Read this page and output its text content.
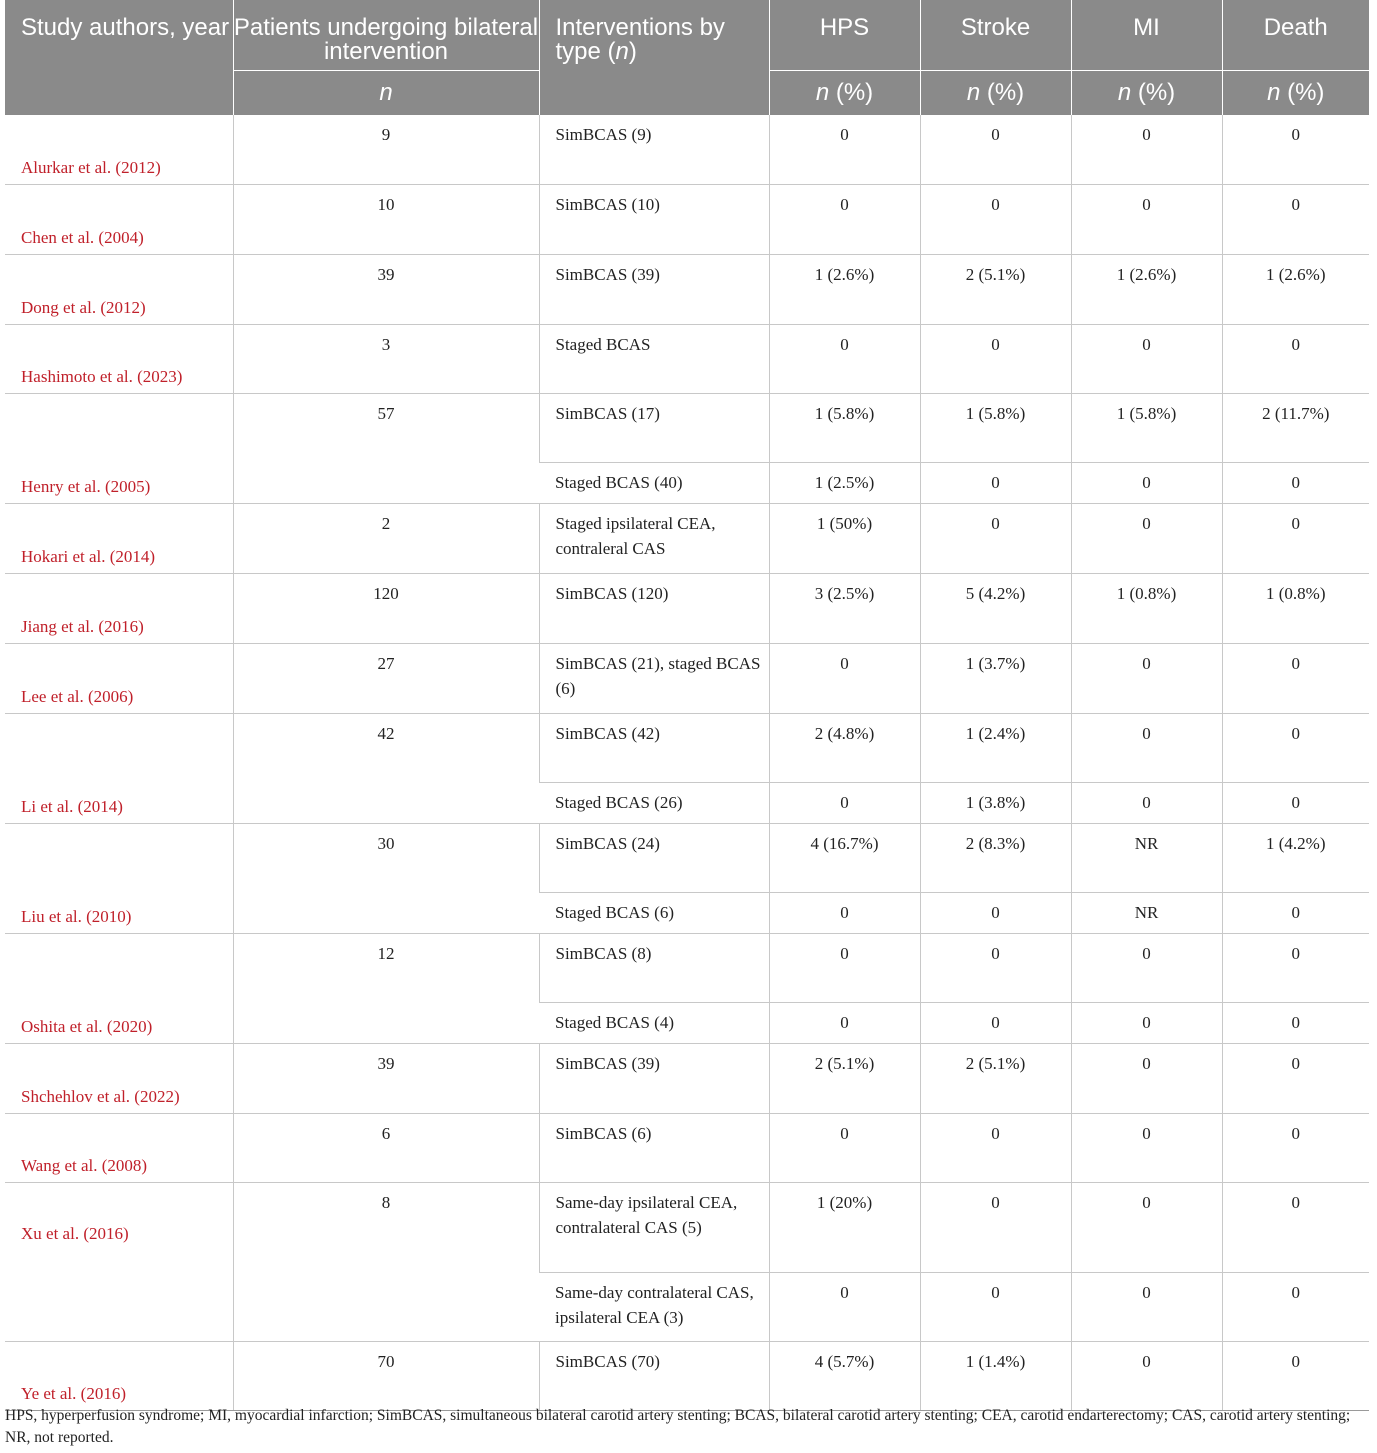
Study authors, year	Patients undergoing bilateral intervention	Interventions by type (n)	HPS	Stroke	MI	Death
	n		n (%)	n (%)	n (%)	n (%)
Alurkar et al. (2012)	9	SimBCAS (9)	0	0	0	0
Chen et al. (2004)	10	SimBCAS (10)	0	0	0	0
Dong et al. (2012)	39	SimBCAS (39)	1 (2.6%)	2 (5.1%)	1 (2.6%)	1 (2.6%)
Hashimoto et al. (2023)	3	Staged BCAS	0	0	0	0
Henry et al. (2005)	57	SimBCAS (17)	1 (5.8%)	1 (5.8%)	1 (5.8%)	2 (11.7%)
		Staged BCAS (40)	1 (2.5%)	0	0	0
Hokari et al. (2014)	2	Staged ipsilateral CEA, contraleral CAS	1 (50%)	0	0	0
Jiang et al. (2016)	120	SimBCAS (120)	3 (2.5%)	5 (4.2%)	1 (0.8%)	1 (0.8%)
Lee et al. (2006)	27	SimBCAS (21), staged BCAS (6)	0	1 (3.7%)	0	0
Li et al. (2014)	42	SimBCAS (42)	2 (4.8%)	1 (2.4%)	0	0
		Staged BCAS (26)	0	1 (3.8%)	0	0
Liu et al. (2010)	30	SimBCAS (24)	4 (16.7%)	2 (8.3%)	NR	1 (4.2%)
		Staged BCAS (6)	0	0	NR	0
Oshita et al. (2020)	12	SimBCAS (8)	0	0	0	0
		Staged BCAS (4)	0	0	0	0
Shchehlov et al. (2022)	39	SimBCAS (39)	2 (5.1%)	2 (5.1%)	0	0
Wang et al. (2008)	6	SimBCAS (6)	0	0	0	0
Xu et al. (2016)	8	Same-day ipsilateral CEA, contralateral CAS (5)	1 (20%)	0	0	0
		Same-day contralateral CAS, ipsilateral CEA (3)	0	0	0	0
Ye et al. (2016)	70	SimBCAS (70)	4 (5.7%)	1 (1.4%)	0	0
HPS, hyperperfusion syndrome; MI, myocardial infarction; SimBCAS, simultaneous bilateral carotid artery stenting; BCAS, bilateral carotid artery stenting; CEA, carotid endarterectomy; CAS, carotid artery stenting; NR, not reported.
